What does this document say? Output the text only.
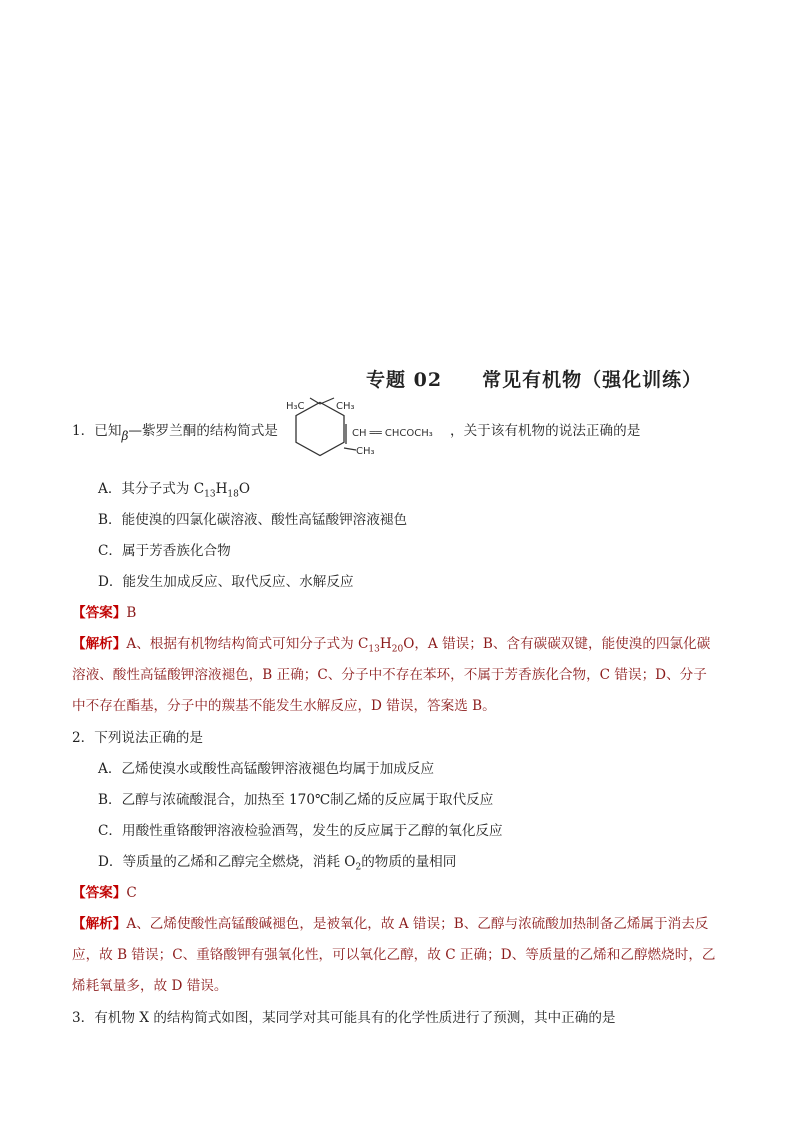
专题 02 常见有机物（强化训练）
1．已知β—紫罗兰酮的结构简式是
H₃C	CH₃
CH ══ CHCOCH₃
CH₃
，关于该有机物的说法正确的是
A．其分子式为 $C_{13}H_{18}O$
B．能使溴的四氯化碳溶液、酸性高锰酸钾溶液褪色
C．属于芳香族化合物
D．能发生加成反应、取代反应、水解反应
【答案】B
【解析】A、根据有机物结构简式可知分子式为 $C_{13}H_{20}O$，A 错误；B、含有碳碳双键，能使溴的四氯化碳
溶液、酸性高锰酸钾溶液褪色，B 正确；C、分子中不存在苯环，不属于芳香族化合物，C 错误；D、分子
中不存在酯基，分子中的羰基不能发生水解反应，D 错误，答案选 B。
2．下列说法正确的是
A．乙烯使溴水或酸性高锰酸钾溶液褪色均属于加成反应
B．乙醇与浓硫酸混合，加热至 170℃制乙烯的反应属于取代反应
C．用酸性重铬酸钾溶液检验酒驾，发生的反应属于乙醇的氧化反应
D．等质量的乙烯和乙醇完全燃烧，消耗 $O_2$的物质的量相同
【答案】C
【解析】A、乙烯使酸性高锰酸碱褪色，是被氧化，故 A 错误；B、乙醇与浓硫酸加热制备乙烯属于消去反
应，故 B 错误；C、重铬酸钾有强氧化性，可以氧化乙醇，故 C 正确；D、等质量的乙烯和乙醇燃烧时，乙
烯耗氧量多，故 D 错误。
3．有机物 X 的结构简式如图，某同学对其可能具有的化学性质进行了预测，其中正确的是
